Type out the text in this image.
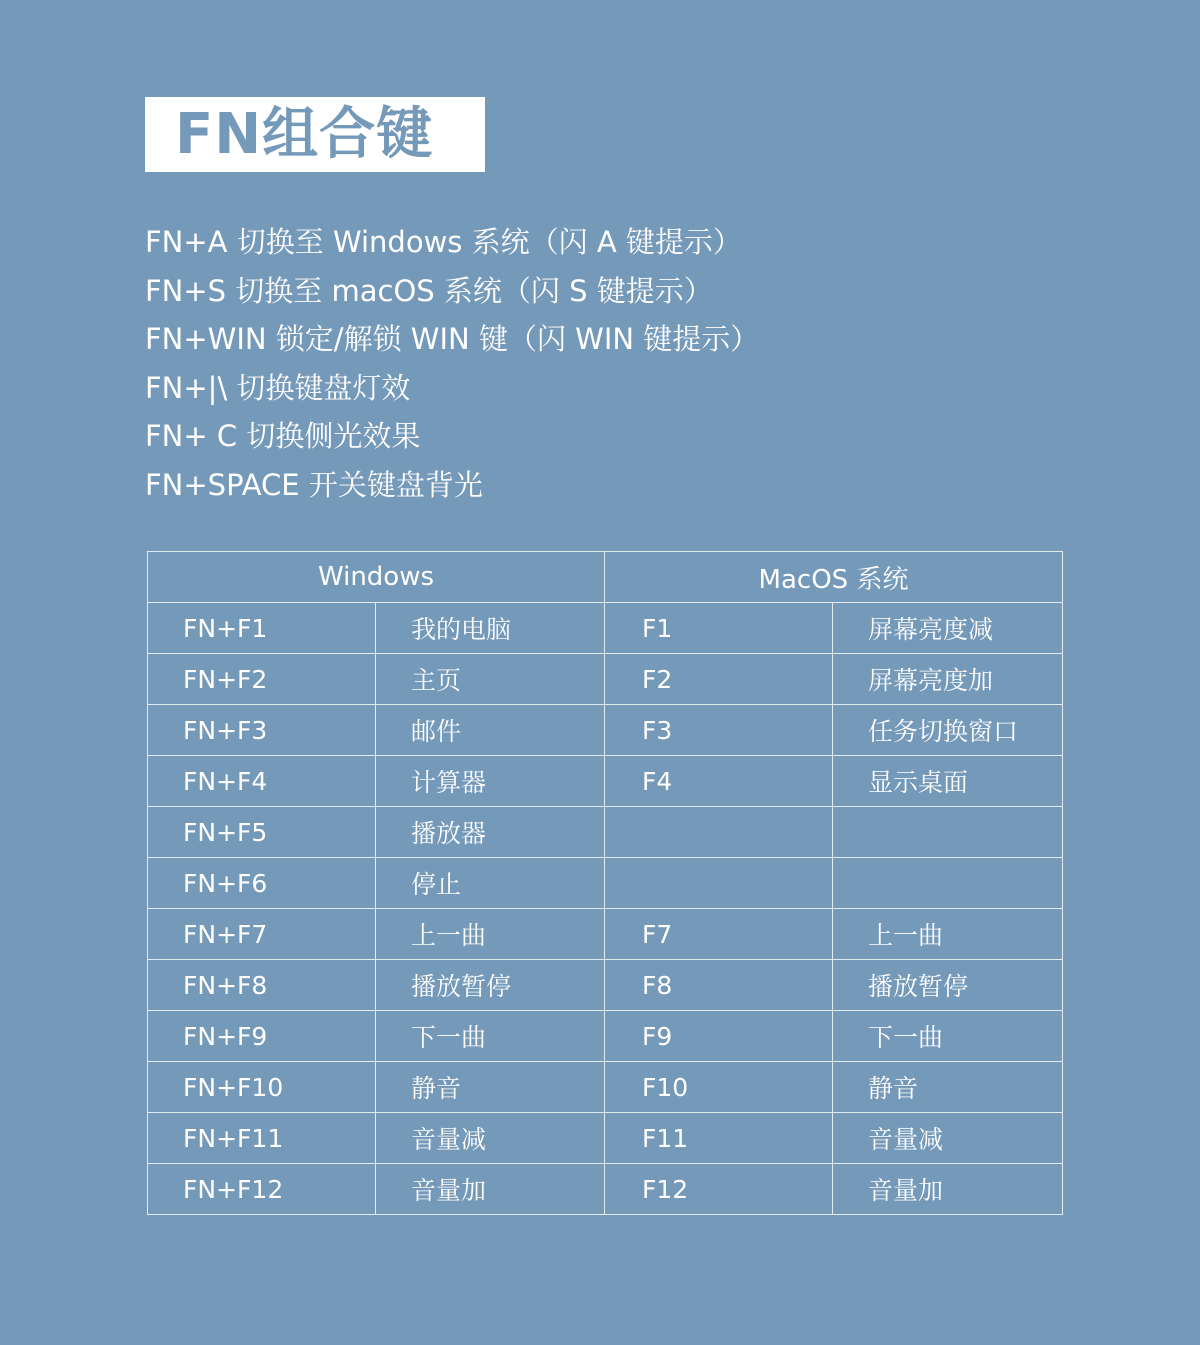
FN组合键
FN+A 切换至 Windows 系统（闪 A 键提示）
FN+S 切换至 macOS 系统（闪 S 键提示）
FN+WIN 锁定/解锁 WIN 键（闪 WIN 键提示）
FN+|\ 切换键盘灯效
FN+ C 切换侧光效果
FN+SPACE 开关键盘背光
Windows		MacOS 系统	
FN+F1	我的电脑	F1	屏幕亮度减
FN+F2	主页	F2	屏幕亮度加
FN+F3	邮件	F3	任务切换窗口
FN+F4	计算器	F4	显示桌面
FN+F5	播放器		
FN+F6	停止		
FN+F7	上一曲	F7	上一曲
FN+F8	播放暂停	F8	播放暂停
FN+F9	下一曲	F9	下一曲
FN+F10	静音	F10	静音
FN+F11	音量减	F11	音量减
FN+F12	音量加	F12	音量加
